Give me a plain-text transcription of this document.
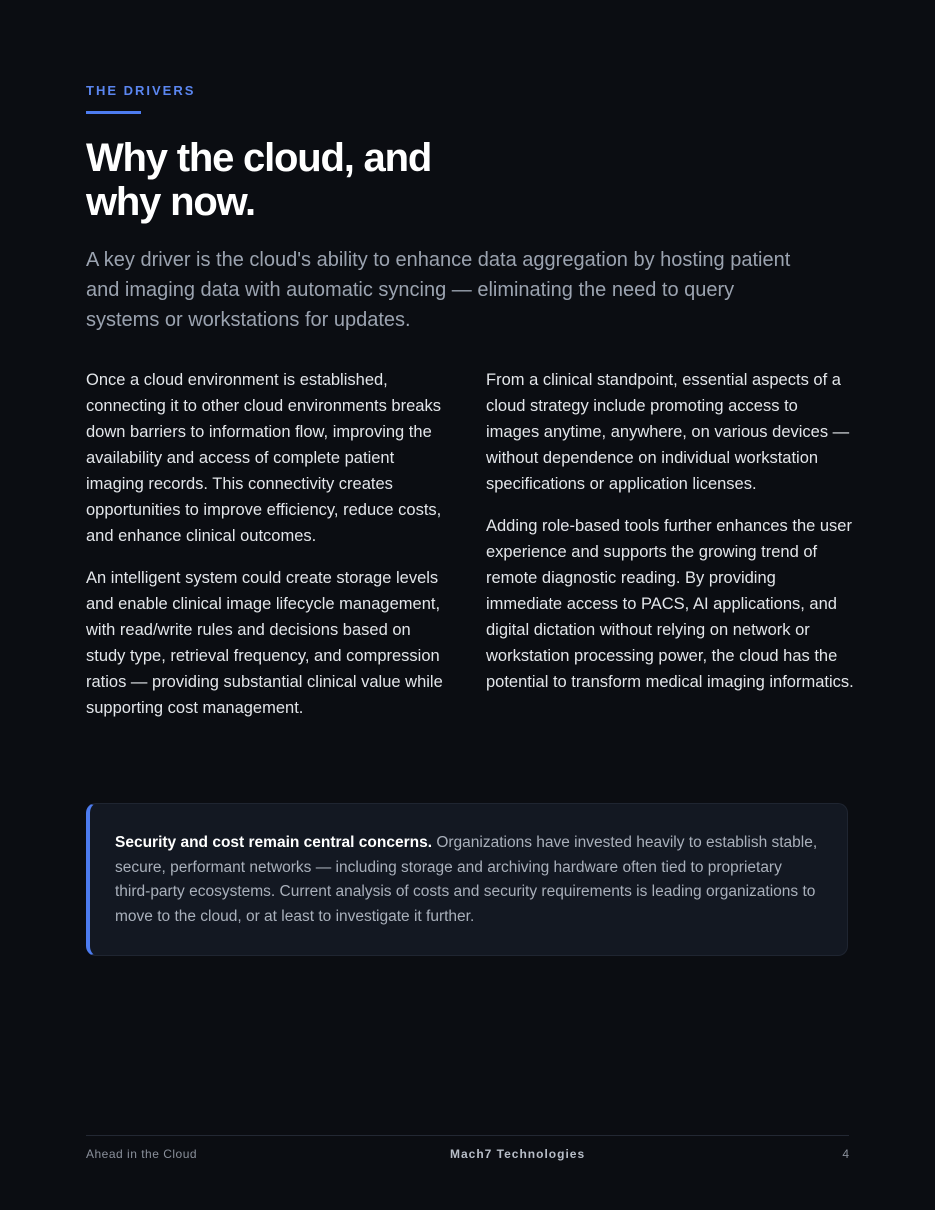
THE DRIVERS
Why the cloud, and
why now.

A key driver is the cloud's ability to enhance data aggregation by hosting patient and imaging data with automatic syncing — eliminating the need to query systems or workstations for updates.

Once a cloud environment is established, connecting it to other cloud environments breaks down barriers to information flow, improving the availability and access of complete patient imaging records. This connectivity creates opportunities to improve efficiency, reduce costs, and enhance clinical outcomes.

An intelligent system could create storage levels and enable clinical image lifecycle management, with read/write rules and decisions based on study type, retrieval frequency, and compression ratios — providing substantial clinical value while supporting cost management.

From a clinical standpoint, essential aspects of a cloud strategy include promoting access to images anytime, anywhere, on various devices — without dependence on individual workstation specifications or application licenses.

Adding role-based tools further enhances the user experience and supports the growing trend of remote diagnostic reading. By providing immediate access to PACS, AI applications, and digital dictation without relying on network or workstation processing power, the cloud has the potential to transform medical imaging informatics.

Security and cost remain central concerns. Organizations have invested heavily to establish stable, secure, performant networks — including storage and archiving hardware often tied to proprietary third-party ecosystems. Current analysis of costs and security requirements is leading organizations to move to the cloud, or at least to investigate it further.

Ahead in the Cloud	Mach7 Technologies	4
